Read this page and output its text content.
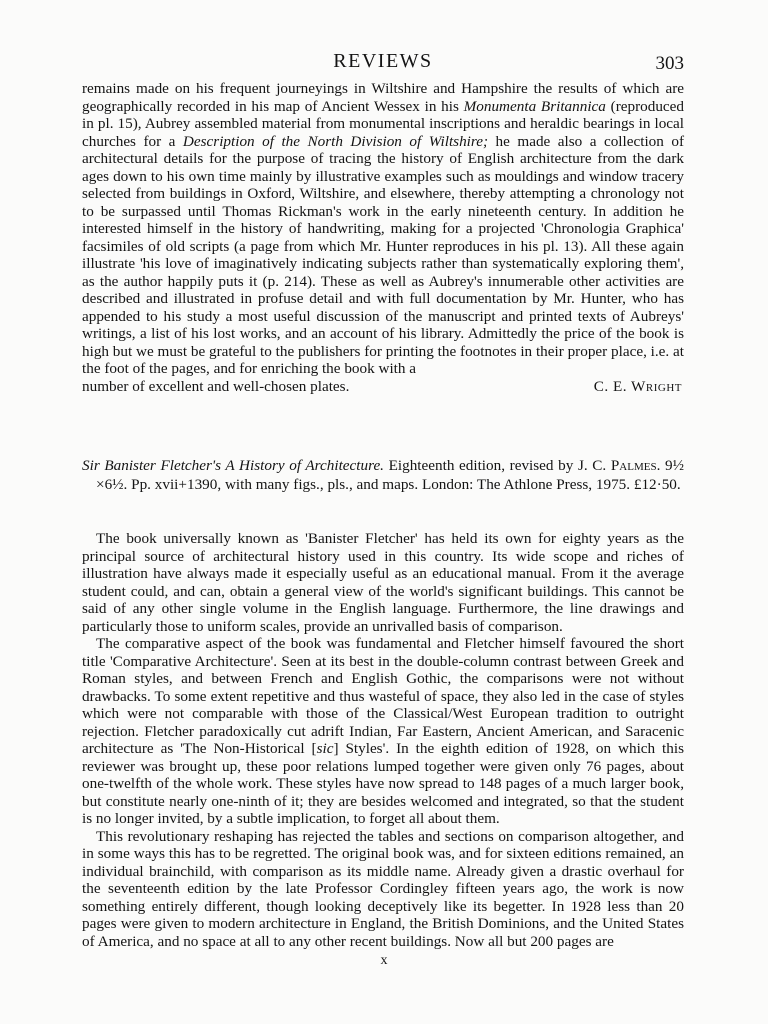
REVIEWS	303

remains made on his frequent journeyings in Wiltshire and Hampshire the results of which are geographically recorded in his map of Ancient Wessex in his Monumenta Britannica (reproduced in pl. 15), Aubrey assembled material from monumental inscriptions and heraldic bearings in local churches for a Description of the North Division of Wiltshire; he made also a collection of architectural details for the purpose of tracing the history of English architecture from the dark ages down to his own time mainly by illustrative examples such as mouldings and window tracery selected from buildings in Oxford, Wiltshire, and elsewhere, thereby attempting a chronology not to be surpassed until Thomas Rickman's work in the early nineteenth century. In addition he interested himself in the history of handwriting, making for a projected 'Chronologia Graphica' facsimiles of old scripts (a page from which Mr. Hunter reproduces in his pl. 13). All these again illustrate 'his love of imaginatively indicating subjects rather than systematically exploring them', as the author happily puts it (p. 214). These as well as Aubrey's innumerable other activities are described and illustrated in profuse detail and with full documentation by Mr. Hunter, who has appended to his study a most useful discussion of the manuscript and printed texts of Aubreys' writings, a list of his lost works, and an account of his library. Admittedly the price of the book is high but we must be grateful to the publishers for printing the footnotes in their proper place, i.e. at the foot of the pages, and for enriching the book with a

number of excellent and well-chosen plates.	C. E. Wright
Sir Banister Fletcher's A History of Architecture. Eighteenth edition, revised by J. C. Palmes. 9½ ×6½. Pp. xvii+1390, with many figs., pls., and maps. London: The Athlone Press, 1975. £12·50.

The book universally known as 'Banister Fletcher' has held its own for eighty years as the principal source of architectural history used in this country. Its wide scope and riches of illustration have always made it especially useful as an educational manual. From it the average student could, and can, obtain a general view of the world's significant buildings. This cannot be said of any other single volume in the English language. Furthermore, the line drawings and particularly those to uniform scales, provide an unrivalled basis of comparison.

The comparative aspect of the book was fundamental and Fletcher himself favoured the short title 'Comparative Architecture'. Seen at its best in the double-column contrast between Greek and Roman styles, and between French and English Gothic, the comparisons were not without drawbacks. To some extent repetitive and thus wasteful of space, they also led in the case of styles which were not comparable with those of the Classical/West European tradition to outright rejection. Fletcher paradoxically cut adrift Indian, Far Eastern, Ancient American, and Saracenic architecture as 'The Non-Historical [sic] Styles'. In the eighth edition of 1928, on which this reviewer was brought up, these poor relations lumped together were given only 76 pages, about one-twelfth of the whole work. These styles have now spread to 148 pages of a much larger book, but constitute nearly one-ninth of it; they are besides welcomed and integrated, so that the student is no longer invited, by a subtle implication, to forget all about them.

This revolutionary reshaping has rejected the tables and sections on comparison altogether, and in some ways this has to be regretted. The original book was, and for sixteen editions remained, an individual brainchild, with comparison as its middle name. Already given a drastic overhaul for the seventeenth edition by the late Professor Cordingley fifteen years ago, the work is now something entirely different, though looking deceptively like its begetter. In 1928 less than 20 pages were given to modern architecture in England, the British Dominions, and the United States of America, and no space at all to any other recent buildings. Now all but 200 pages are

x
